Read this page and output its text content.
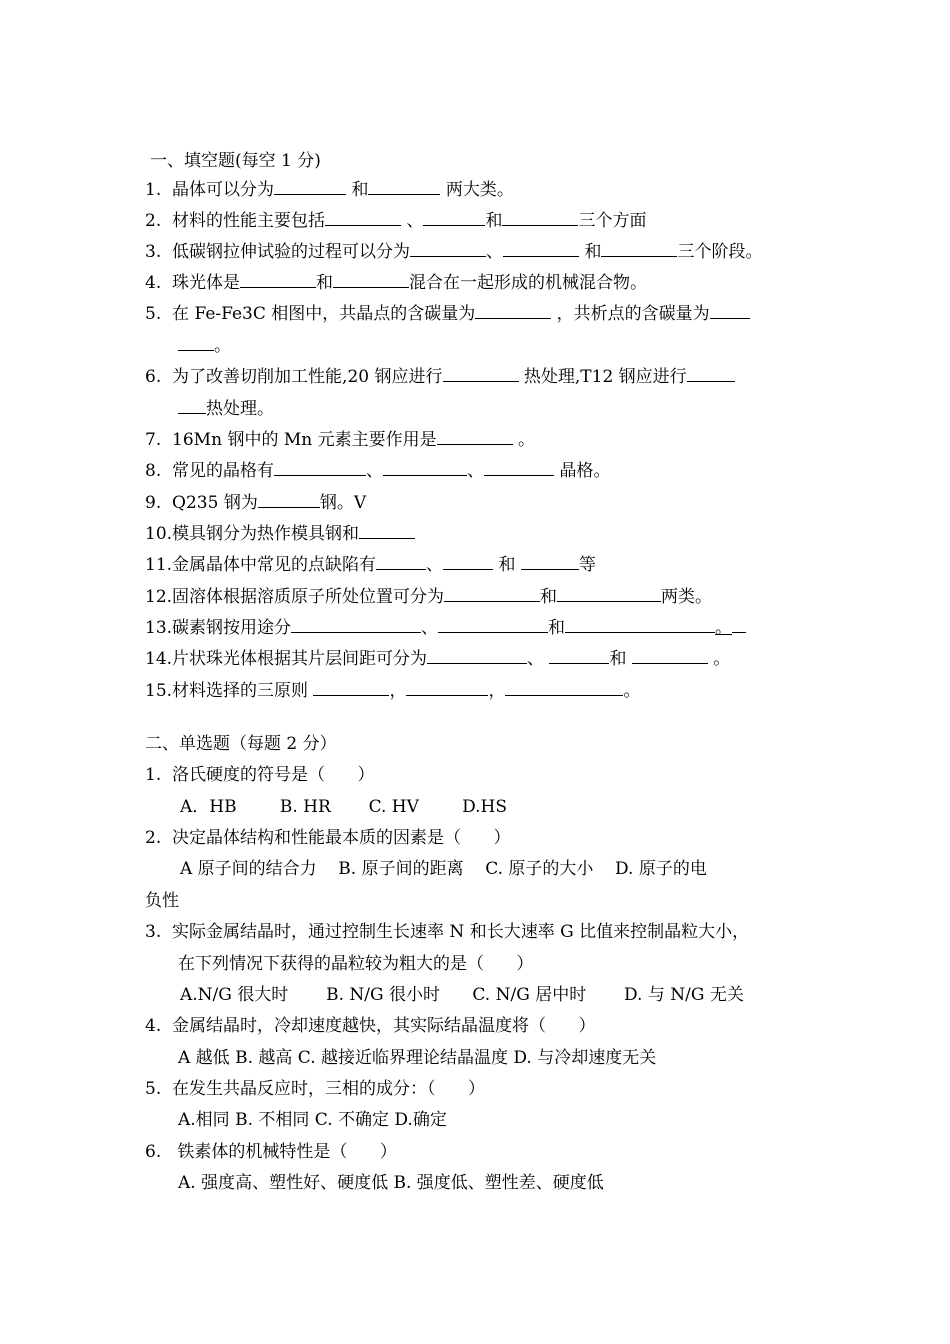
一、填空题(每空 1 分)
1. 晶体可以分为	和	两大类。
2. 材料的性能主要包括	、	和	三个方面
3. 低碳钢拉伸试验的过程可以分为	、	和	三个阶段。
4. 珠光体是	和	混合在一起形成的机械混合物。
5. 在 Fe-Fe3C 相图中，共晶点的含碳量为	，共析点的含碳量为
。
6. 为了改善切削加工性能,20 钢应进行	热处理,T12 钢应进行
热处理。
7. 16Mn 钢中的 Mn 元素主要作用是	。
8. 常见的晶格有	、	、	晶格。
9. Q235 钢为	钢。V
10.模具钢分为热作模具钢和
11.金属晶体中常见的点缺陷有	、	和	等
12.固溶体根据溶质原子所处位置可分为	和	两类。
13.碳素钢按用途分	、	和	。
14.片状珠光体根据其片层间距可分为	、	和	。
15.材料选择的三原则	，	，	。
二、单选题（每题 2 分）
1.  洛氏硬度的符号是（      ）
A．HB        B. HR       C. HV        D.HS
2.  决定晶体结构和性能最本质的因素是（      ）
A 原子间的结合力    B. 原子间的距离    C. 原子的大小    D. 原子的电
负性
3.  实际金属结晶时，通过控制生长速率 N 和长大速率 G 比值来控制晶粒大小，
在下列情况下获得的晶粒较为粗大的是（      ）
A.N/G 很大时       B. N/G 很小时      C. N/G 居中时       D. 与 N/G 无关
4.  金属结晶时，冷却速度越快，其实际结晶温度将（      ）
A 越低 B. 越高 C. 越接近临界理论结晶温度 D. 与冷却速度无关
5.  在发生共晶反应时，三相的成分：（      ）
A.相同 B. 不相同 C. 不确定 D.确定
6.   铁素体的机械特性是（      ）
A. 强度高、塑性好、硬度低 B. 强度低、塑性差、硬度低
